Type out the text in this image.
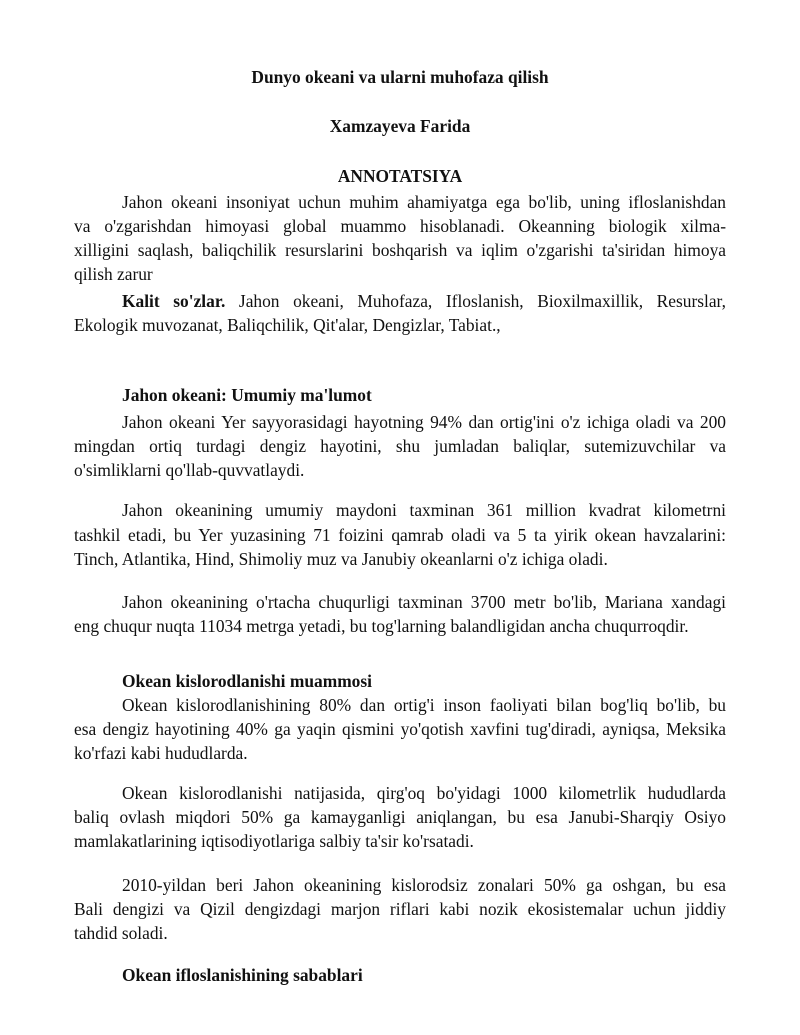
Dunyo okeani va ularni muhofaza qilish
Xamzayeva Farida
ANNOTATSIYA
Jahon okeani insoniyat uchun muhim ahamiyatga ega bo'lib, uning ifloslanishdan
va o'zgarishdan himoyasi global muammo hisoblanadi. Okeanning biologik xilma-
xilligini saqlash, baliqchilik resurslarini boshqarish va iqlim o'zgarishi ta'siridan himoya
qilish zarur
Kalit so'zlar. Jahon okeani, Muhofaza, Ifloslanish, Bioxilmaxillik, Resurslar,
Ekologik muvozanat, Baliqchilik, Qit'alar, Dengizlar, Tabiat.,
Jahon okeani: Umumiy ma'lumot
Jahon okeani Yer sayyorasidagi hayotning 94% dan ortig'ini o'z ichiga oladi va 200
mingdan ortiq turdagi dengiz hayotini, shu jumladan baliqlar, sutemizuvchilar va
o'simliklarni qo'llab-quvvatlaydi.
Jahon okeanining umumiy maydoni taxminan 361 million kvadrat kilometrni
tashkil etadi, bu Yer yuzasining 71 foizini qamrab oladi va 5 ta yirik okean havzalarini:
Tinch, Atlantika, Hind, Shimoliy muz va Janubiy okeanlarni o'z ichiga oladi.
Jahon okeanining o'rtacha chuqurligi taxminan 3700 metr bo'lib, Mariana xandagi
eng chuqur nuqta 11034 metrga yetadi, bu tog'larning balandligidan ancha chuqurroqdir.
Okean kislorodlanishi muammosi
Okean kislorodlanishining 80% dan ortig'i inson faoliyati bilan bog'liq bo'lib, bu
esa dengiz hayotining 40% ga yaqin qismini yo'qotish xavfini tug'diradi, ayniqsa, Meksika
ko'rfazi kabi hududlarda.
Okean kislorodlanishi natijasida, qirg'oq bo'yidagi 1000 kilometrlik hududlarda
baliq ovlash miqdori 50% ga kamayganligi aniqlangan, bu esa Janubi-Sharqiy Osiyo
mamlakatlarining iqtisodiyotlariga salbiy ta'sir ko'rsatadi.
2010-yildan beri Jahon okeanining kislorodsiz zonalari 50% ga oshgan, bu esa
Bali dengizi va Qizil dengizdagi marjon riflari kabi nozik ekosistemalar uchun jiddiy
tahdid soladi.
Okean ifloslanishining sabablari
